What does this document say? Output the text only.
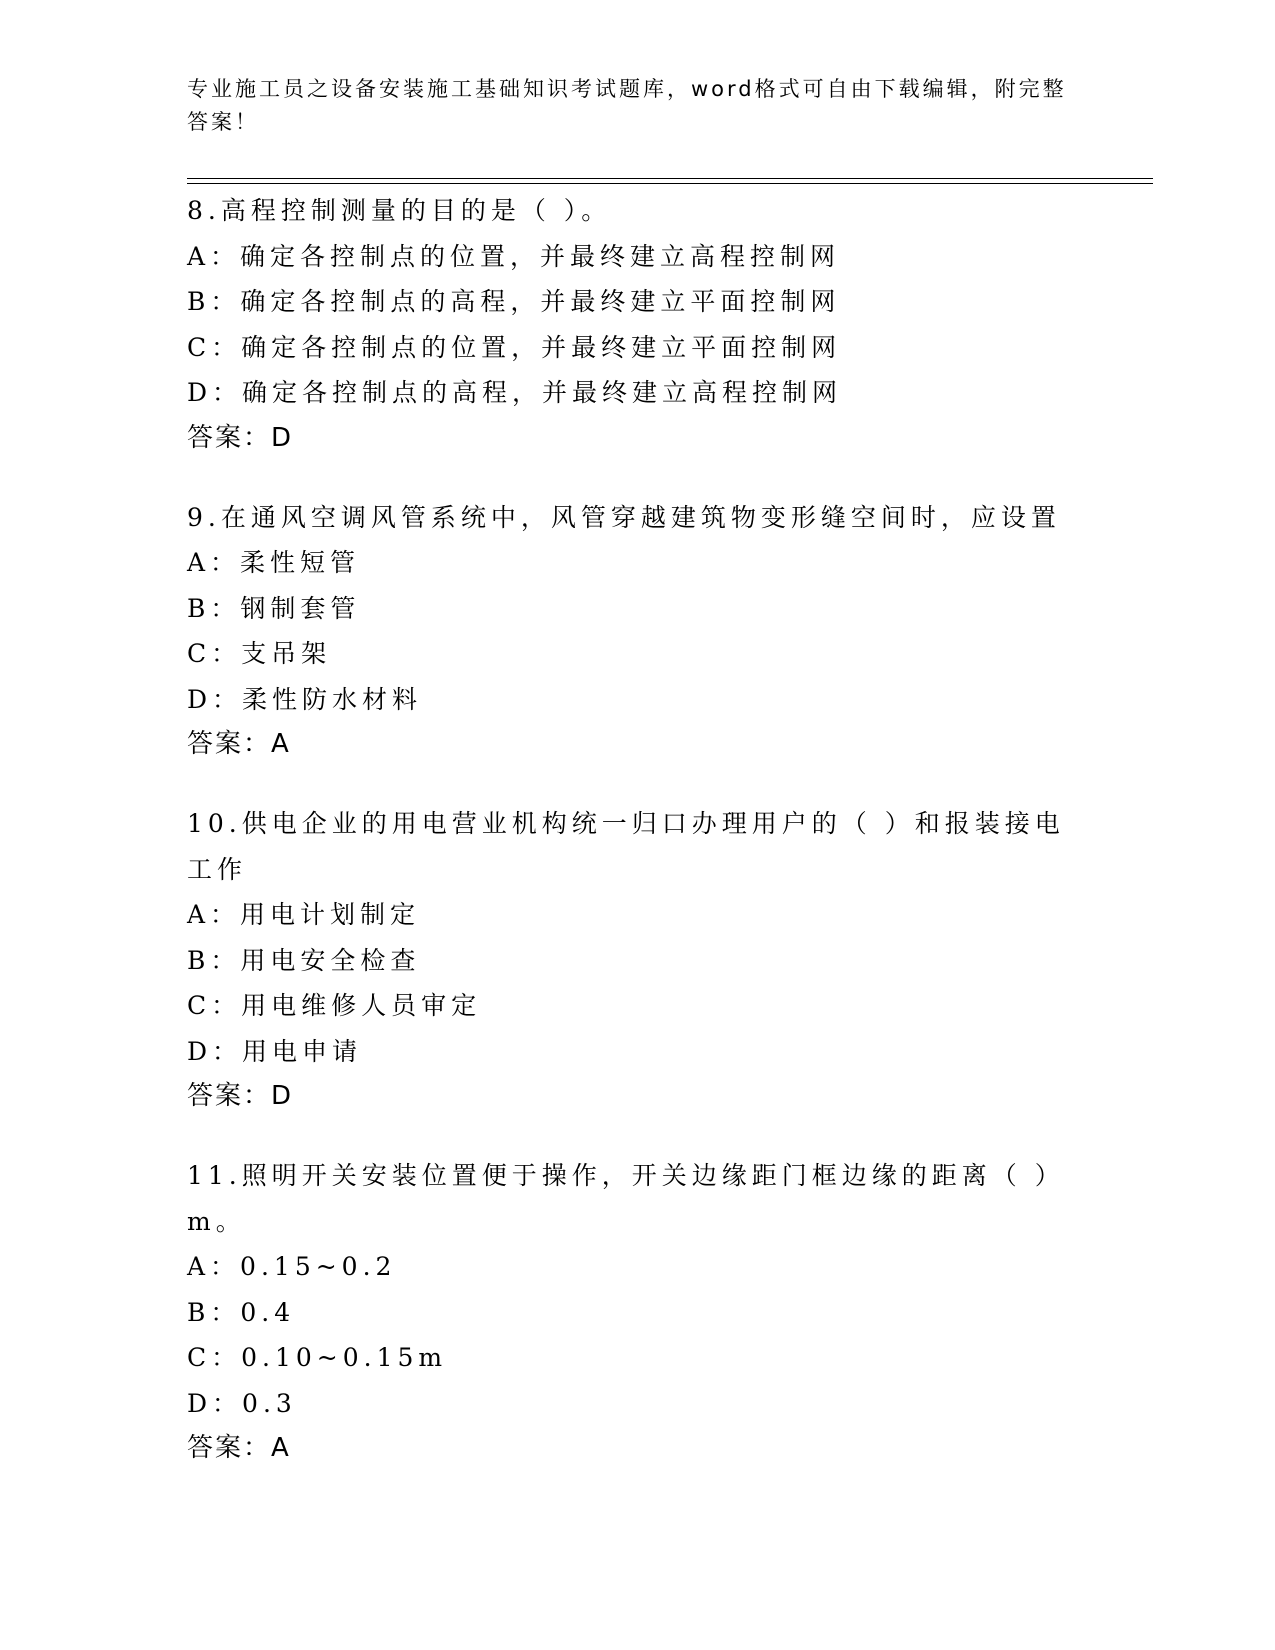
专业施工员之设备安装施工基础知识考试题库，word格式可自由下载编辑，附完整答案！
8.高程控制测量的目的是（ ）。
A：确定各控制点的位置，并最终建立高程控制网
B：确定各控制点的高程，并最终建立平面控制网
C：确定各控制点的位置，并最终建立平面控制网
D：确定各控制点的高程，并最终建立高程控制网
答案：D
9.在通风空调风管系统中，风管穿越建筑物变形缝空间时，应设置
A：柔性短管
B：钢制套管
C：支吊架
D：柔性防水材料
答案：A
10.供电企业的用电营业机构统一归口办理用户的（ ）和报装接电工作
A：用电计划制定
B：用电安全检查
C：用电维修人员审定
D：用电申请
答案：D
11.照明开关安装位置便于操作，开关边缘距门框边缘的距离（ ）m。
A：0.15~0.2
B：0.4
C：0.10~0.15m
D：0.3
答案：A
